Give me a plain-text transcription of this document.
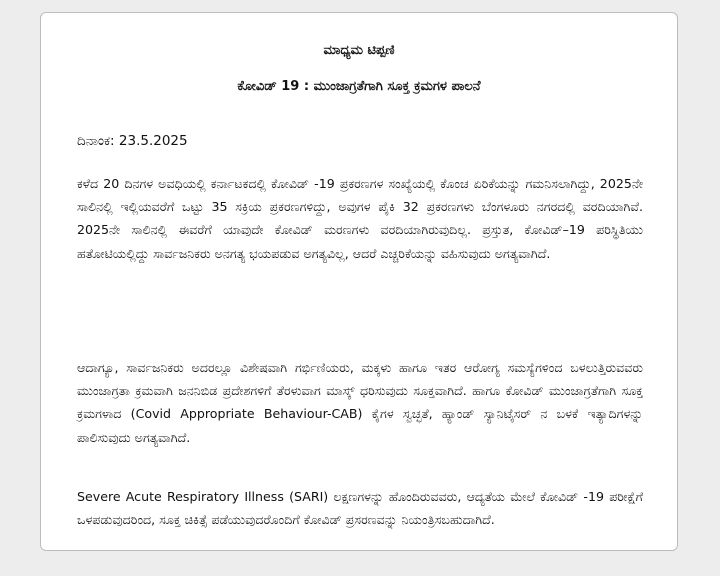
ಮಾಧ್ಯಮ ಟಿಪ್ಪಣಿ
ಕೋವಿಡ್ 19 : ಮುಂಜಾಗ್ರತೆಗಾಗಿ ಸೂಕ್ತ ಕ್ರಮಗಳ ಪಾಲನೆ
ದಿನಾಂಕ: 23.5.2025
ಕಳೆದ 20 ದಿನಗಳ ಅವಧಿಯಲ್ಲಿ ಕರ್ನಾಟಕದಲ್ಲಿ ಕೋವಿಡ್ -19 ಪ್ರಕರಣಗಳ ಸಂಖ್ಯೆಯಲ್ಲಿ ಕೊಂಚ ಏರಿಕೆಯನ್ನು ಗಮನಿಸಲಾಗಿದ್ದು, 2025ನೇ ಸಾಲಿನಲ್ಲಿ ಇಲ್ಲಿಯವರೆಗೆ ಒಟ್ಟು 35 ಸಕ್ರಿಯ ಪ್ರಕರಣಗಳಿದ್ದು, ಅವುಗಳ ಪೈಕಿ 32 ಪ್ರಕರಣಗಳು ಬೆಂಗಳೂರು ನಗರದಲ್ಲಿ ವರದಿಯಾಗಿವೆ. 2025ನೇ ಸಾಲಿನಲ್ಲಿ ಈವರೆಗೆ ಯಾವುದೇ ಕೋವಿಡ್ ಮರಣಗಳು ವರದಿಯಾಗಿರುವುದಿಲ್ಲ. ಪ್ರಸ್ತುತ, ಕೋವಿಡ್–19 ಪರಿಸ್ಥಿತಿಯು ಹತೋಟಿಯಲ್ಲಿದ್ದು ಸಾರ್ವಜನಿಕರು ಅನಗತ್ಯ ಭಯಪಡುವ ಅಗತ್ಯವಿಲ್ಲ, ಆದರೆ ಎಚ್ಚರಿಕೆಯನ್ನು ವಹಿಸುವುದು ಅಗತ್ಯವಾಗಿದೆ.
ಆದಾಗ್ಯೂ, ಸಾರ್ವಜನಿಕರು ಅದರಲ್ಲೂ ವಿಶೇಷವಾಗಿ ಗರ್ಭಿಣಿಯರು, ಮಕ್ಕಳು ಹಾಗೂ ಇತರ ಆರೋಗ್ಯ ಸಮಸ್ಯೆಗಳಿಂದ ಬಳಲುತ್ತಿರುವವರು ಮುಂಜಾಗ್ರತಾ ಕ್ರಮವಾಗಿ ಜನನಿಬಿಡ ಪ್ರದೇಶಗಳಿಗೆ ತೆರಳುವಾಗ ಮಾಸ್ಕ್ ಧರಿಸುವುದು ಸೂಕ್ತವಾಗಿದೆ. ಹಾಗೂ ಕೋವಿಡ್ ಮುಂಜಾಗ್ರತೆಗಾಗಿ ಸೂಕ್ತ ಕ್ರಮಗಳಾದ (Covid Appropriate Behaviour-CAB) ಕೈಗಳ ಸ್ವಚ್ಛತೆ, ಹ್ಯಾಂಡ್ ಸ್ಯಾನಿಟೈಸರ್ ನ ಬಳಕೆ ಇತ್ಯಾದಿಗಳನ್ನು ಪಾಲಿಸುವುದು ಅಗತ್ಯವಾಗಿದೆ.
Severe Acute Respiratory Illness (SARI) ಲಕ್ಷಣಗಳನ್ನು ಹೊಂದಿರುವವರು, ಆದ್ಯತೆಯ ಮೇಲೆ ಕೋವಿಡ್ -19 ಪರೀಕ್ಷೆಗೆ ಒಳಪಡುವುದರಿಂದ, ಸೂಕ್ತ ಚಿಕಿತ್ಸೆ ಪಡೆಯುವುದರೊಂದಿಗೆ ಕೋವಿಡ್ ಪ್ರಸರಣವನ್ನು ನಿಯಂತ್ರಿಸಬಹುದಾಗಿದೆ.
